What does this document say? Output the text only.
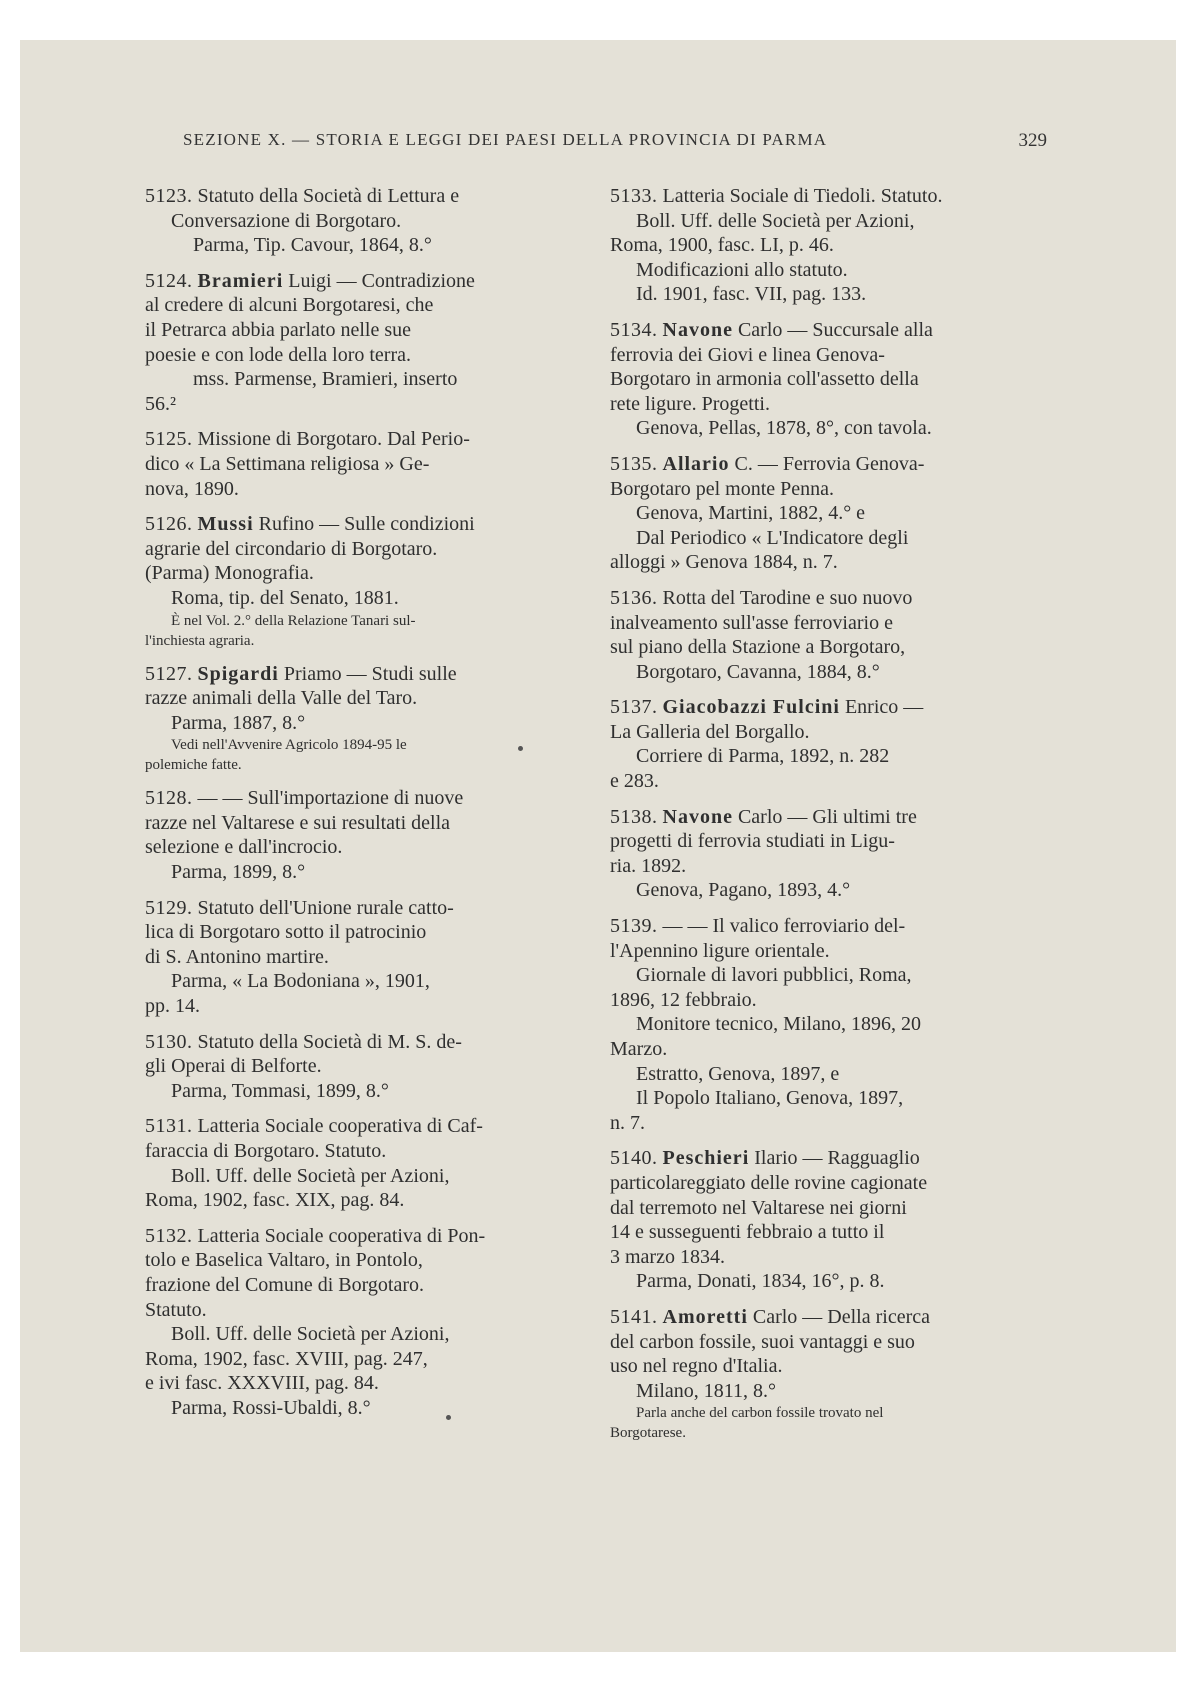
SEZIONE X. — STORIA E LEGGI DEI PAESI DELLA PROVINCIA DI PARMA	329
5123. Statuto della Società di Lettura e
Conversazione di Borgotaro.
Parma, Tip. Cavour, 1864, 8.°
5124. Bramieri Luigi — Contradizione
al credere di alcuni Borgotaresi, che
il Petrarca abbia parlato nelle sue
poesie e con lode della loro terra.
mss. Parmense, Bramieri, inserto
56.²
5125. Missione di Borgotaro. Dal Perio-
dico « La Settimana religiosa » Ge-
nova, 1890.
5126. Mussi Rufino — Sulle condizioni
agrarie del circondario di Borgotaro.
(Parma) Monografia.
Roma, tip. del Senato, 1881.
È nel Vol. 2.° della Relazione Tanari sul-
l'inchiesta agraria.
5127. Spigardi Priamo — Studi sulle
razze animali della Valle del Taro.
Parma, 1887, 8.°
Vedi nell'Avvenire Agricolo 1894-95 le
polemiche fatte.
5128. — — Sull'importazione di nuove
razze nel Valtarese e sui resultati della
selezione e dall'incrocio.
Parma, 1899, 8.°
5129. Statuto dell'Unione rurale catto-
lica di Borgotaro sotto il patrocinio
di S. Antonino martire.
Parma, « La Bodoniana », 1901,
pp. 14.
5130. Statuto della Società di M. S. de-
gli Operai di Belforte.
Parma, Tommasi, 1899, 8.°
5131. Latteria Sociale cooperativa di Caf-
faraccia di Borgotaro. Statuto.
Boll. Uff. delle Società per Azioni,
Roma, 1902, fasc. XIX, pag. 84.
5132. Latteria Sociale cooperativa di Pon-
tolo e Baselica Valtaro, in Pontolo,
frazione del Comune di Borgotaro.
Statuto.
Boll. Uff. delle Società per Azioni,
Roma, 1902, fasc. XVIII, pag. 247,
e ivi fasc. XXXVIII, pag. 84.
Parma, Rossi-Ubaldi, 8.°
5133. Latteria Sociale di Tiedoli. Statuto.
Boll. Uff. delle Società per Azioni,
Roma, 1900, fasc. LI, p. 46.
Modificazioni allo statuto.
Id. 1901, fasc. VII, pag. 133.
5134. Navone Carlo — Succursale alla
ferrovia dei Giovi e linea Genova-
Borgotaro in armonia coll'assetto della
rete ligure. Progetti.
Genova, Pellas, 1878, 8°, con tavola.
5135. Allario C. — Ferrovia Genova-
Borgotaro pel monte Penna.
Genova, Martini, 1882, 4.° e
Dal Periodico « L'Indicatore degli
alloggi » Genova 1884, n. 7.
5136. Rotta del Tarodine e suo nuovo
inalveamento sull'asse ferroviario e
sul piano della Stazione a Borgotaro,
Borgotaro, Cavanna, 1884, 8.°
5137. Giacobazzi Fulcini Enrico —
La Galleria del Borgallo.
Corriere di Parma, 1892, n. 282
e 283.
5138. Navone Carlo — Gli ultimi tre
progetti di ferrovia studiati in Ligu-
ria. 1892.
Genova, Pagano, 1893, 4.°
5139. — — Il valico ferroviario del-
l'Apennino ligure orientale.
Giornale di lavori pubblici, Roma,
1896, 12 febbraio.
Monitore tecnico, Milano, 1896, 20
Marzo.
Estratto, Genova, 1897, e
Il Popolo Italiano, Genova, 1897,
n. 7.
5140. Peschieri Ilario — Ragguaglio
particolareggiato delle rovine cagionate
dal terremoto nel Valtarese nei giorni
14 e susseguenti febbraio a tutto il
3 marzo 1834.
Parma, Donati, 1834, 16°, p. 8.
5141. Amoretti Carlo — Della ricerca
del carbon fossile, suoi vantaggi e suo
uso nel regno d'Italia.
Milano, 1811, 8.°
Parla anche del carbon fossile trovato nel
Borgotarese.
